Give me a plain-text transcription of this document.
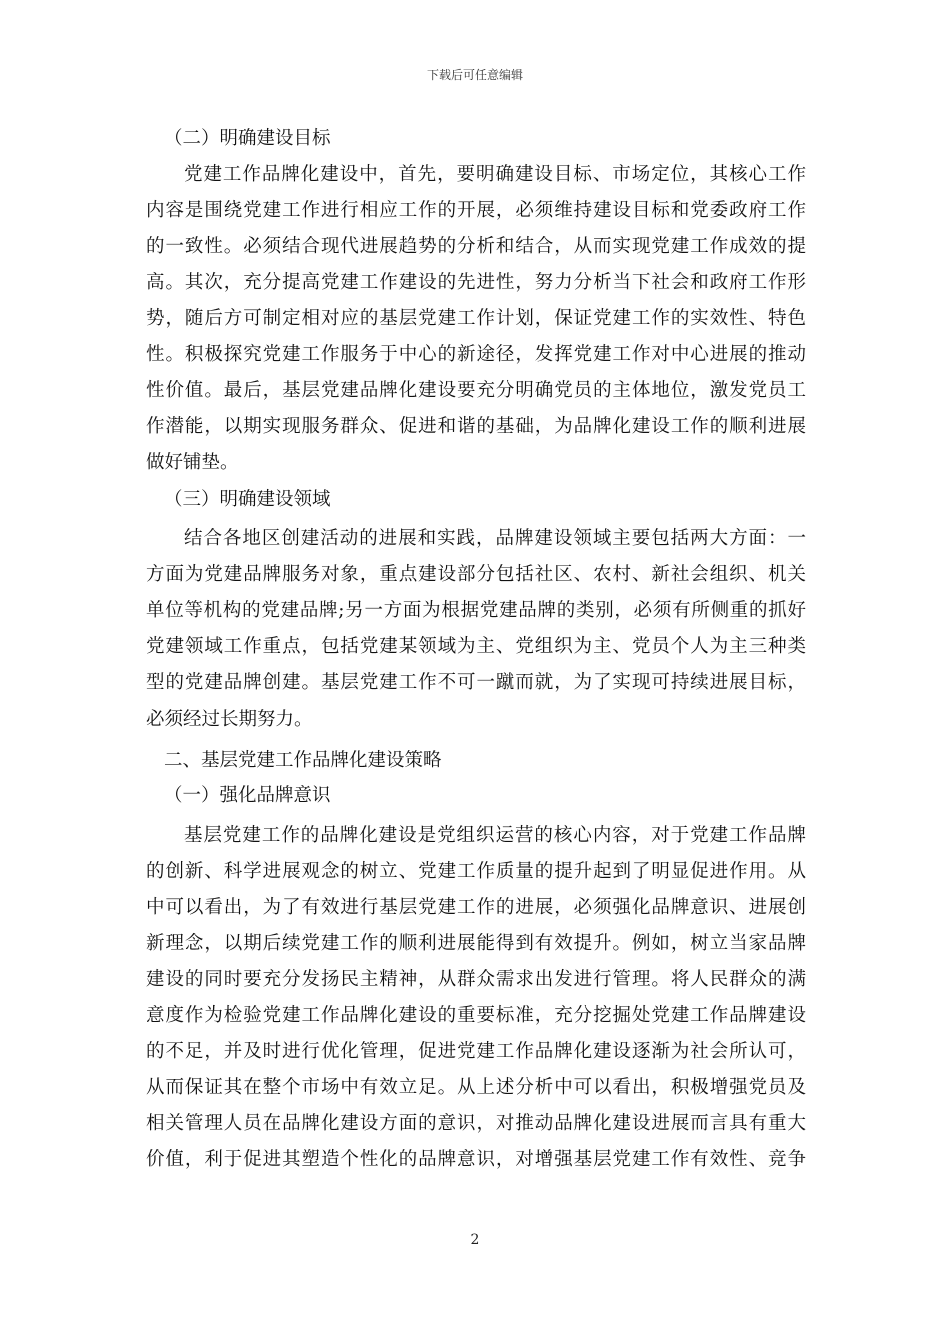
下载后可任意编辑
（二）明确建设目标
党建工作品牌化建设中，首先，要明确建设目标、市场定位，其核心工作
内容是围绕党建工作进行相应工作的开展，必须维持建设目标和党委政府工作
的一致性。必须结合现代进展趋势的分析和结合，从而实现党建工作成效的提
高。其次，充分提高党建工作建设的先进性，努力分析当下社会和政府工作形
势，随后方可制定相对应的基层党建工作计划，保证党建工作的实效性、特色
性。积极探究党建工作服务于中心的新途径，发挥党建工作对中心进展的推动
性价值。最后，基层党建品牌化建设要充分明确党员的主体地位，激发党员工
作潜能，以期实现服务群众、促进和谐的基础，为品牌化建设工作的顺利进展
做好铺垫。
（三）明确建设领域
结合各地区创建活动的进展和实践，品牌建设领域主要包括两大方面：一
方面为党建品牌服务对象，重点建设部分包括社区、农村、新社会组织、机关
单位等机构的党建品牌;另一方面为根据党建品牌的类别，必须有所侧重的抓好
党建领域工作重点，包括党建某领域为主、党组织为主、党员个人为主三种类
型的党建品牌创建。基层党建工作不可一蹴而就，为了实现可持续进展目标，
必须经过长期努力。
二、基层党建工作品牌化建设策略
（一）强化品牌意识
基层党建工作的品牌化建设是党组织运营的核心内容，对于党建工作品牌
的创新、科学进展观念的树立、党建工作质量的提升起到了明显促进作用。从
中可以看出，为了有效进行基层党建工作的进展，必须强化品牌意识、进展创
新理念，以期后续党建工作的顺利进展能得到有效提升。例如，树立当家品牌
建设的同时要充分发扬民主精神，从群众需求出发进行管理。将人民群众的满
意度作为检验党建工作品牌化建设的重要标准，充分挖掘处党建工作品牌建设
的不足，并及时进行优化管理，促进党建工作品牌化建设逐渐为社会所认可，
从而保证其在整个市场中有效立足。从上述分析中可以看出，积极增强党员及
相关管理人员在品牌化建设方面的意识，对推动品牌化建设进展而言具有重大
价值，利于促进其塑造个性化的品牌意识，对增强基层党建工作有效性、竞争
2
